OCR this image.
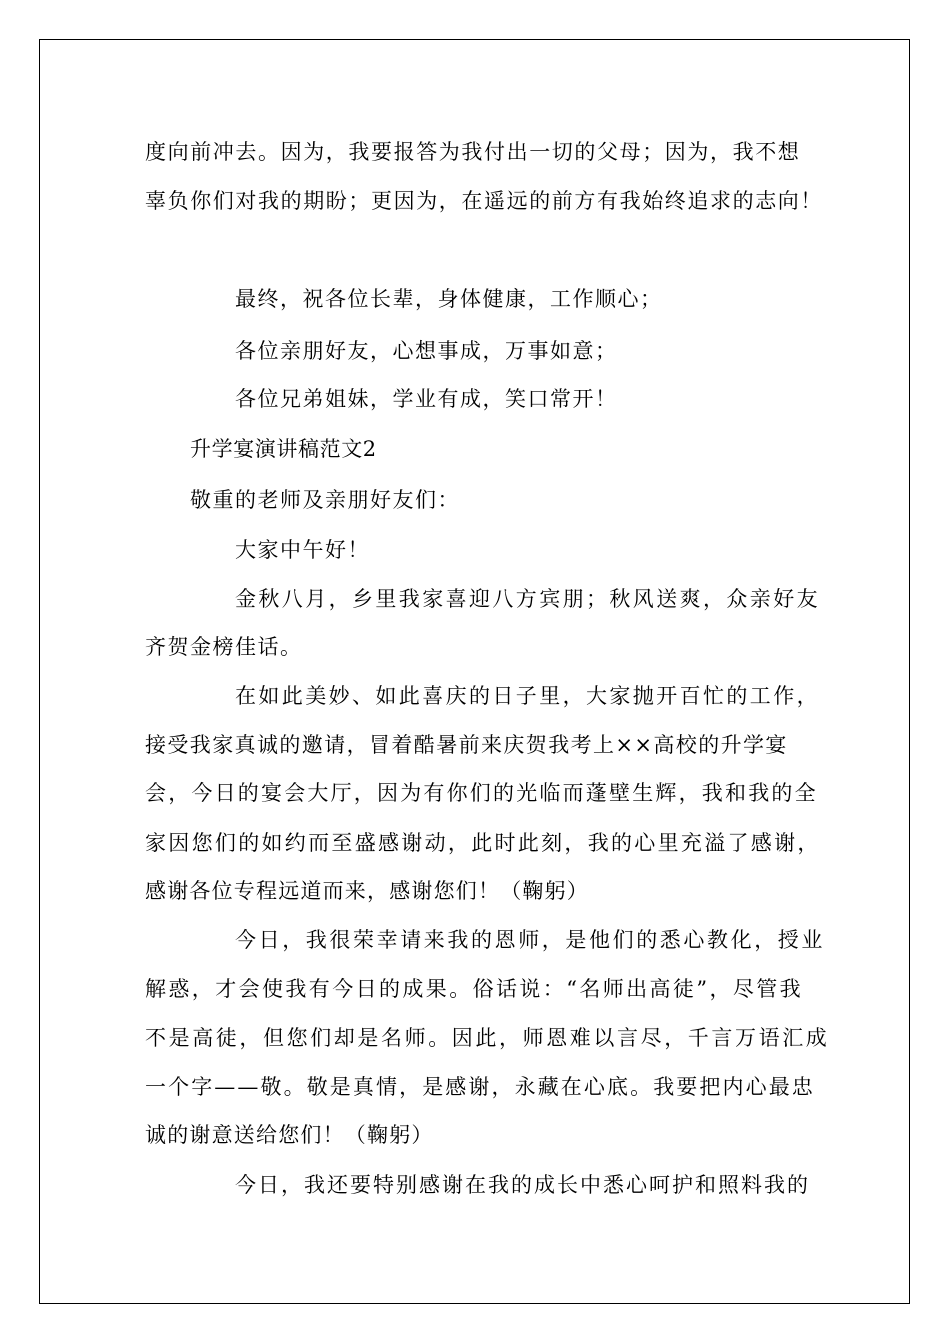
度向前冲去。因为，我要报答为我付出一切的父母；因为，我不想
辜负你们对我的期盼；更因为，在遥远的前方有我始终追求的志向！
最终，祝各位长辈，身体健康，工作顺心；
各位亲朋好友，心想事成，万事如意；
各位兄弟姐妹，学业有成，笑口常开！
升学宴演讲稿范文2
敬重的老师及亲朋好友们：
大家中午好！
金秋八月，乡里我家喜迎八方宾朋；秋风送爽，众亲好友
齐贺金榜佳话。
在如此美妙、如此喜庆的日子里，大家抛开百忙的工作，
接受我家真诚的邀请，冒着酷暑前来庆贺我考上××高校的升学宴
会，今日的宴会大厅，因为有你们的光临而蓬壁生辉，我和我的全
家因您们的如约而至盛感谢动，此时此刻，我的心里充溢了感谢，
感谢各位专程远道而来，感谢您们！（鞠躬）
今日，我很荣幸请来我的恩师，是他们的悉心教化，授业
解惑，才会使我有今日的成果。俗话说：“名师出高徒”，尽管我
不是高徒，但您们却是名师。因此，师恩难以言尽，千言万语汇成
一个字——敬。敬是真情，是感谢，永藏在心底。我要把内心最忠
诚的谢意送给您们！（鞠躬）
今日，我还要特别感谢在我的成长中悉心呵护和照料我的
